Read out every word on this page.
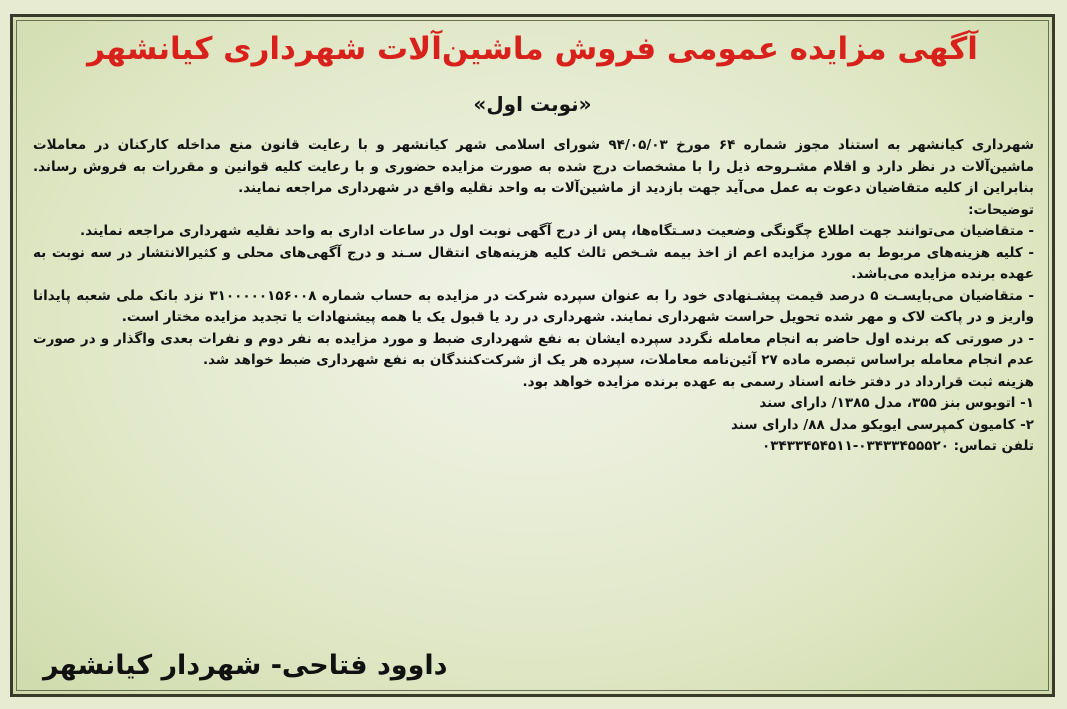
آگهی مزایده عمومی فروش ماشین‌آلات شهرداری کیانشهر
«نوبت اول»

شهرداری کیانشهر به استناد مجوز شماره ۶۴ مورخ ۹۴/۰۵/۰۳ شورای اسلامی شهر کیانشهر و با رعایت قانون منع مداخله کارکنان در معاملات ماشین‌آلات در نظر دارد و اقلام مشـروحه ذیل را با مشخصات درج شده به صورت مزایده حضوری و با رعایت کلیه قوانین و مقررات به فروش رساند. بنابراین از کلیه متقاضیان دعوت به عمل می‌آید جهت بازدید از ماشین‌آلات به واحد نقلیه واقع در شهرداری مراجعه نمایند.

توضیحات:

- متقاضیان می‌توانند جهت اطلاع چگونگی وضعیت دسـتگاه‌ها، پس از درج آگهی نوبت اول در ساعات اداری به واحد نقلیه شهرداری مراجعه نمایند.

- کلیه هزینه‌های مربوط به مورد مزایده اعم از اخذ بیمه شـخص ثالث کلیه هزینه‌های انتقال سـند و درج آگهی‌های محلی و کثیرالانتشار در سه نوبت به عهده برنده مزایده می‌باشد.

- متقاضیان می‌بایسـت ۵ درصد قیمت پیشـنهادی خود را به عنوان سپرده شرکت در مزایده به حساب شماره ۳۱۰۰۰۰۰۱۵۶۰۰۸ نزد بانک ملی شعبه پایدانا واریز و در پاکت لاک و مهر شده تحویل حراست شهرداری نمایند. شهرداری در رد یا قبول یک یا همه پیشنهادات یا تجدید مزایده مختار است.

- در صورتی که برنده اول حاضر به انجام معامله نگردد سپرده ایشان به نفع شهرداری ضبط و مورد مزایده به نفر دوم و نفرات بعدی واگذار و در صورت عدم انجام معامله براساس تبصره ماده ۲۷ آئین‌نامه معاملات، سپرده هر یک از شرکت‌کنندگان به نفع شهرداری ضبط خواهد شد.

هزینه ثبت قرارداد در دفتر خانه اسناد رسمی به عهده برنده مزایده خواهد بود.

۱- اتوبوس بنز ۳۵۵، مدل ۱۳۸۵/ دارای سند

۲- کامیون کمپرسی ایویکو مدل ۸۸/ دارای سند

تلفن تماس: ۰۳۴۳۳۴۵۵۵۲۰-۰۳۴۳۳۴۵۴۵۱۱

داوود فتاحی- شهردار کیانشهر
